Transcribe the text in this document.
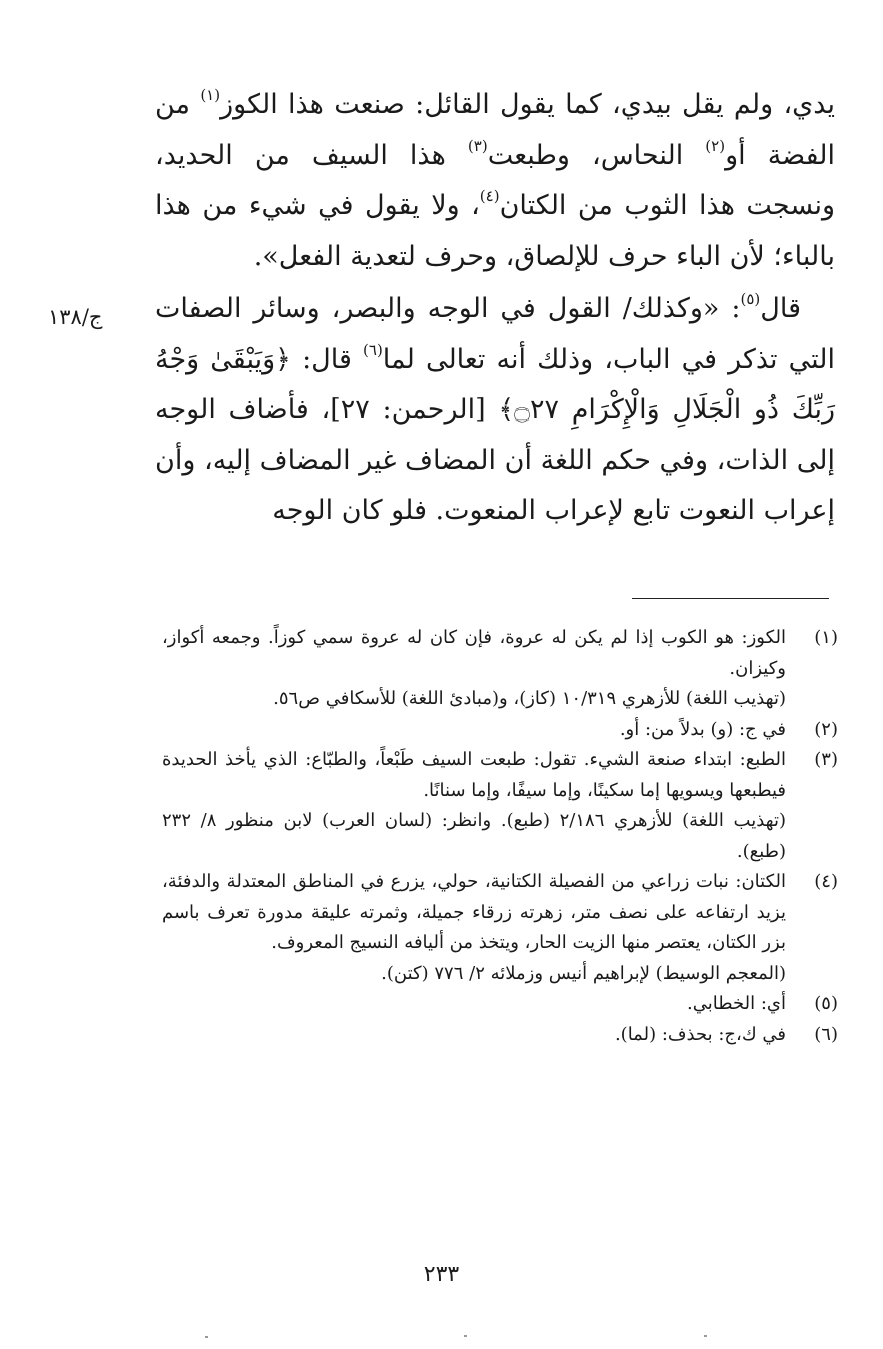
يدي، ولم يقل بيدي، كما يقول القائل: صنعت هذا الكوز$^{(١)}$ من الفضة أو$^{(٢)}$ النحاس، وطبعت$^{(٣)}$ هذا السيف من الحديد، ونسجت هذا الثوب من الكتان$^{(٤)}$، ولا يقول في شيء من هذا بالباء؛ لأن الباء حرف للإلصاق، وحرف لتعدية الفعل».

قال$^{(٥)}$: «وكذلك/ القول في الوجه والبصر، وسائر الصفات التي تذكر في الباب، وذلك أنه تعالى لما$^{(٦)}$ قال: ﴿وَيَبْقَىٰ وَجْهُ رَبِّكَ ذُو الْجَلَالِ وَالْإِكْرَامِ ۝٢٧﴾ [الرحمن: ٢٧]، فأضاف الوجه إلى الذات، وفي حكم اللغة أن المضاف غير المضاف إليه، وأن إعراب النعوت تابع لإعراب المنعوت. فلو كان الوجه

ج/١٣٨
(١)
الكوز: هو الكوب إذا لم يكن له عروة، فإن كان له عروة سمي كوزاً. وجمعه أكواز، وكيزان.
(تهذيب اللغة) للأزهري ١٠/٣١٩ (كاز)، و(مبادئ اللغة) للأسكافي ص٥٦.
(٢)
في ج: (و) بدلاً من: أو.
(٣)
الطبع: ابتداء صنعة الشيء. تقول: طبعت السيف طَبْعاً، والطبّاع: الذي يأخذ الحديدة فيطبعها ويسويها إما سكينًا، وإما سيفًا، وإما سنانًا.
(تهذيب اللغة) للأزهري ٢/١٨٦ (طبع). وانظر: (لسان العرب) لابن منظور ٨/ ٢٣٢ (طبع).
(٤)
الكتان: نبات زراعي من الفصيلة الكتانية، حولي، يزرع في المناطق المعتدلة والدفئة، يزيد ارتفاعه على نصف متر، زهرته زرقاء جميلة، وثمرته عليقة مدورة تعرف باسم بزر الكتان، يعتصر منها الزيت الحار، ويتخذ من أليافه النسيج المعروف.
(المعجم الوسيط) لإبراهيم أنيس وزملائه ٢/ ٧٧٦ (كتن).
(٥)
أي: الخطابي.
(٦)
في ك،ج: بحذف: (لما).
٢٣٣
